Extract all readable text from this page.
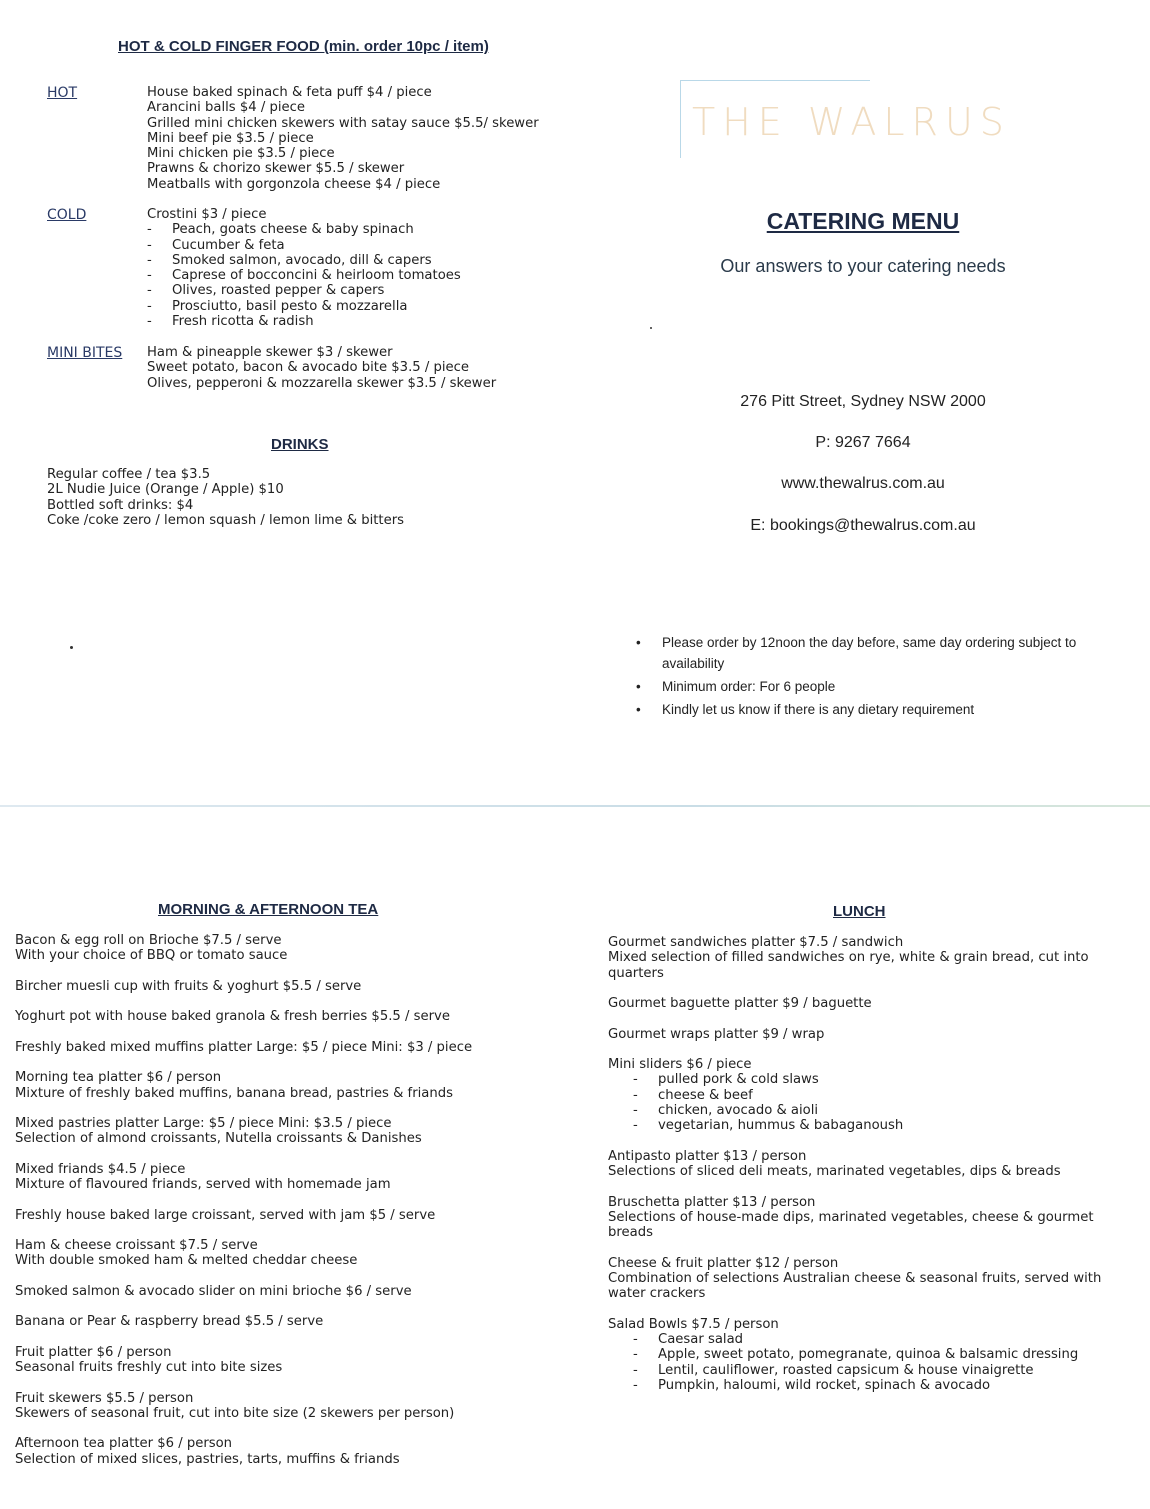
HOT & COLD FINGER FOOD (min. order 10pc / item)
HOT	House baked spinach & feta puff $4 / piece
Arancini balls $4 / piece
Grilled mini chicken skewers with satay sauce $5.5/ skewer
Mini beef pie $3.5 / piece
Mini chicken pie $3.5 / piece
Prawns & chorizo skewer $5.5 / skewer
Meatballs with gorgonzola cheese $4 / piece
COLD	Crostini $3 / piece
- Peach, goats cheese & baby spinach
- Cucumber & feta
- Smoked salmon, avocado, dill & capers
- Caprese of bocconcini & heirloom tomatoes
- Olives, roasted pepper & capers
- Prosciutto, basil pesto & mozzarella
- Fresh ricotta & radish
MINI BITES Ham & pineapple skewer $3 / skewer
Sweet potato, bacon & avocado bite $3.5 / piece
Olives, pepperoni & mozzarella skewer $3.5 / skewer
DRINKS
Regular coffee / tea $3.5
2L Nudie Juice (Orange / Apple) $10
Bottled soft drinks: $4
Coke /coke zero / lemon squash / lemon lime & bitters
THE WALRUS
CATERING MENU
Our answers to your catering needs
276 Pitt Street, Sydney NSW 2000
P: 9267 7664
www.thewalrus.com.au
E: bookings@thewalrus.com.au
• Please order by 12noon the day before, same day ordering subject to availability
• Minimum order: For 6 people
• Kindly let us know if there is any dietary requirement
MORNING & AFTERNOON TEA
Bacon & egg roll on Brioche $7.5 / serve
With your choice of BBQ or tomato sauce
Bircher muesli cup with fruits & yoghurt $5.5 / serve
Yoghurt pot with house baked granola & fresh berries $5.5 / serve
Freshly baked mixed muffins platter Large: $5 / piece Mini: $3 / piece
Morning tea platter $6 / person
Mixture of freshly baked muffins, banana bread, pastries & friands
Mixed pastries platter Large: $5 / piece Mini: $3.5 / piece
Selection of almond croissants, Nutella croissants & Danishes
Mixed friands $4.5 / piece
Mixture of flavoured friands, served with homemade jam
Freshly house baked large croissant, served with jam $5 / serve
Ham & cheese croissant $7.5 / serve
With double smoked ham & melted cheddar cheese
Smoked salmon & avocado slider on mini brioche $6 / serve
Banana or Pear & raspberry bread $5.5 / serve
Fruit platter $6 / person
Seasonal fruits freshly cut into bite sizes
Fruit skewers $5.5 / person
Skewers of seasonal fruit, cut into bite size (2 skewers per person)
Afternoon tea platter $6 / person
Selection of mixed slices, pastries, tarts, muffins & friands
LUNCH
Gourmet sandwiches platter $7.5 / sandwich
Mixed selection of filled sandwiches on rye, white & grain bread, cut into
quarters
Gourmet baguette platter $9 / baguette
Gourmet wraps platter $9 / wrap
Mini sliders $6 / piece
- pulled pork & cold slaws
- cheese & beef
- chicken, avocado & aioli
- vegetarian, hummus & babaganoush
Antipasto platter $13 / person
Selections of sliced deli meats, marinated vegetables, dips & breads
Bruschetta platter $13 / person
Selections of house-made dips, marinated vegetables, cheese & gourmet
breads
Cheese & fruit platter $12 / person
Combination of selections Australian cheese & seasonal fruits, served with
water crackers
Salad Bowls $7.5 / person
- Caesar salad
- Apple, sweet potato, pomegranate, quinoa & balsamic dressing
- Lentil, cauliflower, roasted capsicum & house vinaigrette
- Pumpkin, haloumi, wild rocket, spinach & avocado
